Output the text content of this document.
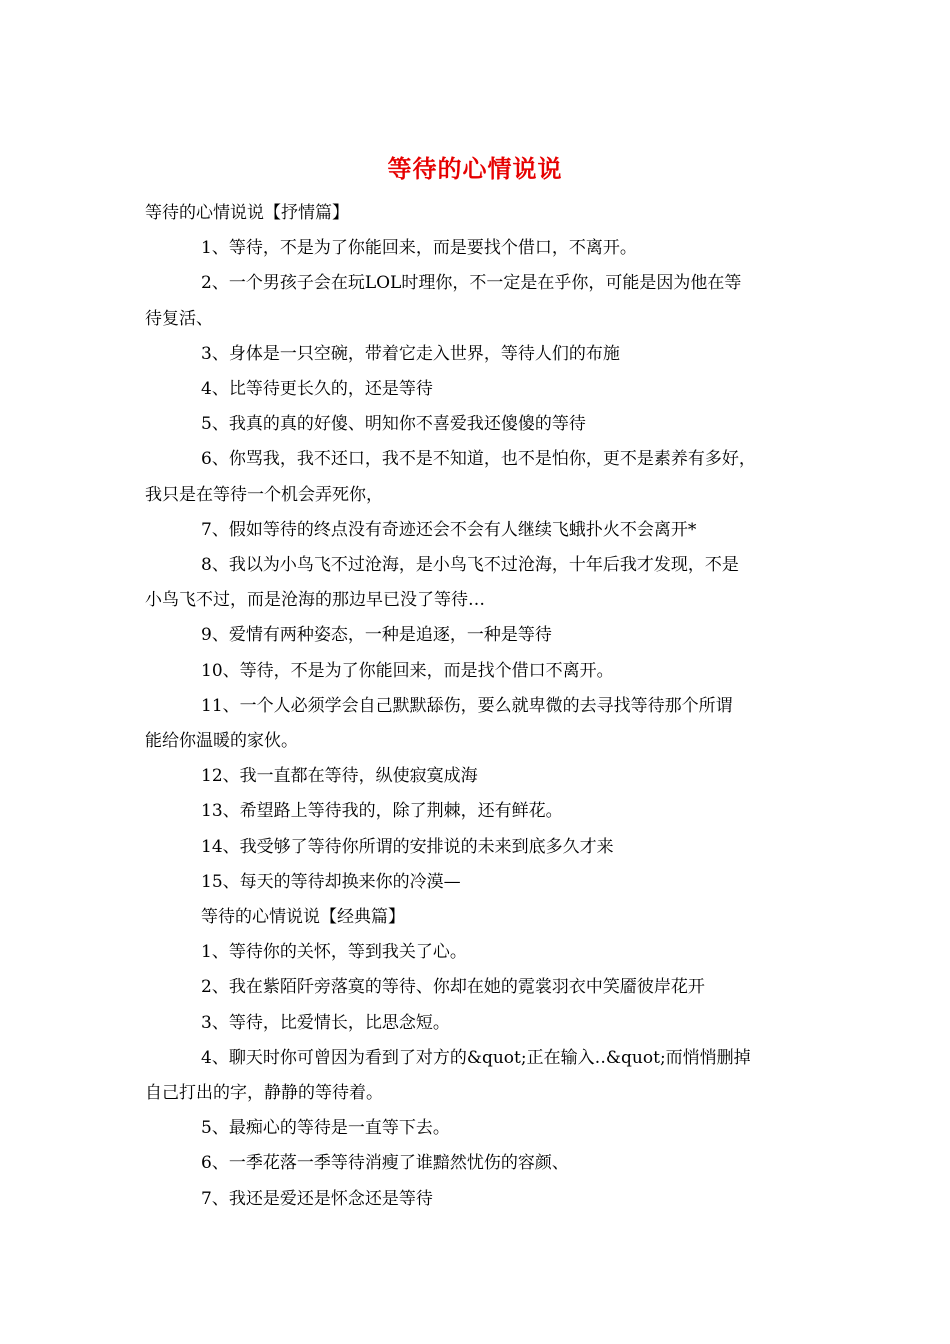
等待的心情说说

等待的心情说说【抒情篇】

1、等待，不是为了你能回来，而是要找个借口，不离开。

2、一个男孩子会在玩LOL时理你，不一定是在乎你，可能是因为他在等

待复活、

3、身体是一只空碗，带着它走入世界，等待人们的布施

4、比等待更长久的，还是等待

5、我真的真的好傻、明知你不喜爱我还傻傻的等待

6、你骂我，我不还口，我不是不知道，也不是怕你，更不是素养有多好，

我只是在等待一个机会弄死你，

7、假如等待的终点没有奇迹还会不会有人继续飞蛾扑火不会离开*

8、我以为小鸟飞不过沧海，是小鸟飞不过沧海，十年后我才发现，不是

小鸟飞不过，而是沧海的那边早已没了等待…

9、爱情有两种姿态，一种是追逐，一种是等待

10、等待，不是为了你能回来，而是找个借口不离开。

11、一个人必须学会自己默默舔伤，要么就卑微的去寻找等待那个所谓

能给你温暖的家伙。

12、我一直都在等待，纵使寂寞成海

13、希望路上等待我的，除了荆棘，还有鲜花。

14、我受够了等待你所谓的安排说的未来到底多久才来

15、每天的等待却换来你的冷漠—

等待的心情说说【经典篇】

1、等待你的关怀，等到我关了心。

2、我在紫陌阡旁落寞的等待、你却在她的霓裳羽衣中笑靥彼岸花开

3、等待，比爱情长，比思念短。

4、聊天时你可曾因为看到了对方的&quot;正在输入‥&quot;而悄悄删掉

自己打出的字，静静的等待着。

5、最痴心的等待是一直等下去。

6、一季花落一季等待消瘦了谁黯然忧伤的容颜、

7、我还是爱还是怀念还是等待
